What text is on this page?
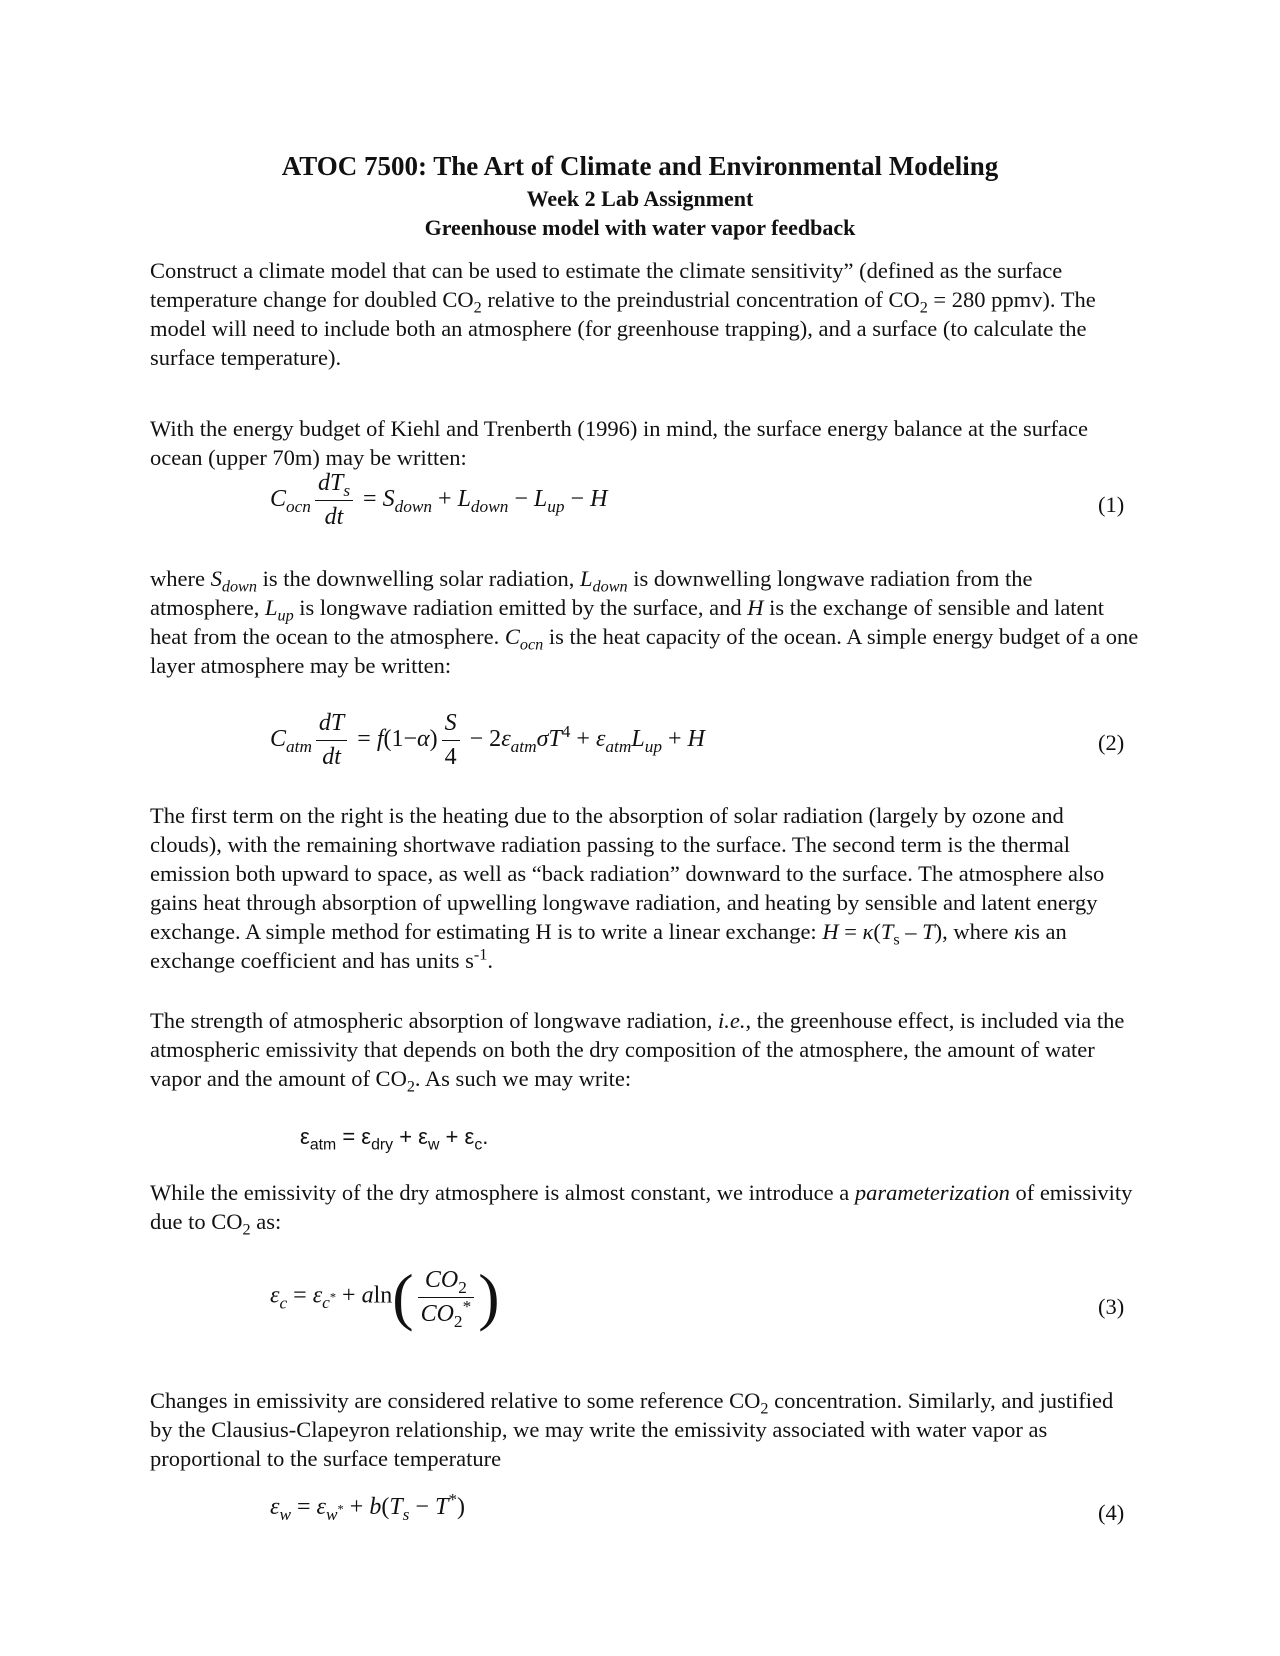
ATOC 7500: The Art of Climate and Environmental Modeling
Week 2 Lab Assignment
Greenhouse model with water vapor feedback

Construct a climate model that can be used to estimate the climate sensitivity” (defined as the surface temperature change for doubled $CO_2$ relative to the preindustrial concentration of $CO_2 = 280$ ppmv). The model will need to include both an atmosphere (for greenhouse trapping), and a surface (to calculate the surface temperature).

With the energy budget of Kiehl and Trenberth (1996) in mind, the surface energy balance at the surface ocean (upper 70m) may be written:

$C_{ocn} \frac{dT_s}{dt} = S_{down} + L_{down} - L_{up} - H$	(1)

where $S_{down}$ is the downwelling solar radiation, $L_{down}$ is downwelling longwave radiation from the atmosphere, $L_{up}$ is longwave radiation emitted by the surface, and H is the exchange of sensible and latent heat from the ocean to the atmosphere. $C_{ocn}$ is the heat capacity of the ocean. A simple energy budget of a one layer atmosphere may be written:

$C_{atm} \frac{dT}{dt} = f(1-\alpha) \frac{S}{4} - 2\varepsilon_{atm}\sigma T^4 + \varepsilon_{atm}L_{up} + H$	(2)

The first term on the right is the heating due to the absorption of solar radiation (largely by ozone and clouds), with the remaining shortwave radiation passing to the surface. The second term is the thermal emission both upward to space, as well as “back radiation” downward to the surface. The atmosphere also gains heat through absorption of upwelling longwave radiation, and heating by sensible and latent energy exchange. A simple method for estimating H is to write a linear exchange: $H = \kappa(T_s - T)$, where κis an exchange coefficient and has units $s^{-1}$.

The strength of atmospheric absorption of longwave radiation, i.e., the greenhouse effect, is included via the atmospheric emissivity that depends on both the dry composition of the atmosphere, the amount of water vapor and the amount of $CO_2$. As such we may write:

$\varepsilon_{atm} = \varepsilon_{dry} + \varepsilon_w + \varepsilon_c$.

While the emissivity of the dry atmosphere is almost constant, we introduce a parameterization of emissivity due to $CO_2$ as:

$\varepsilon_c = \varepsilon_{c^*} + aln( \frac{CO_2}{CO_2^*}$ )	(3)

Changes in emissivity are considered relative to some reference $CO_2$ concentration. Similarly, and justified by the Clausius-Clapeyron relationship, we may write the emissivity associated with water vapor as proportional to the surface temperature

$\varepsilon_w = \varepsilon_{w^*} + b(T_s - T^*)$	(4)
